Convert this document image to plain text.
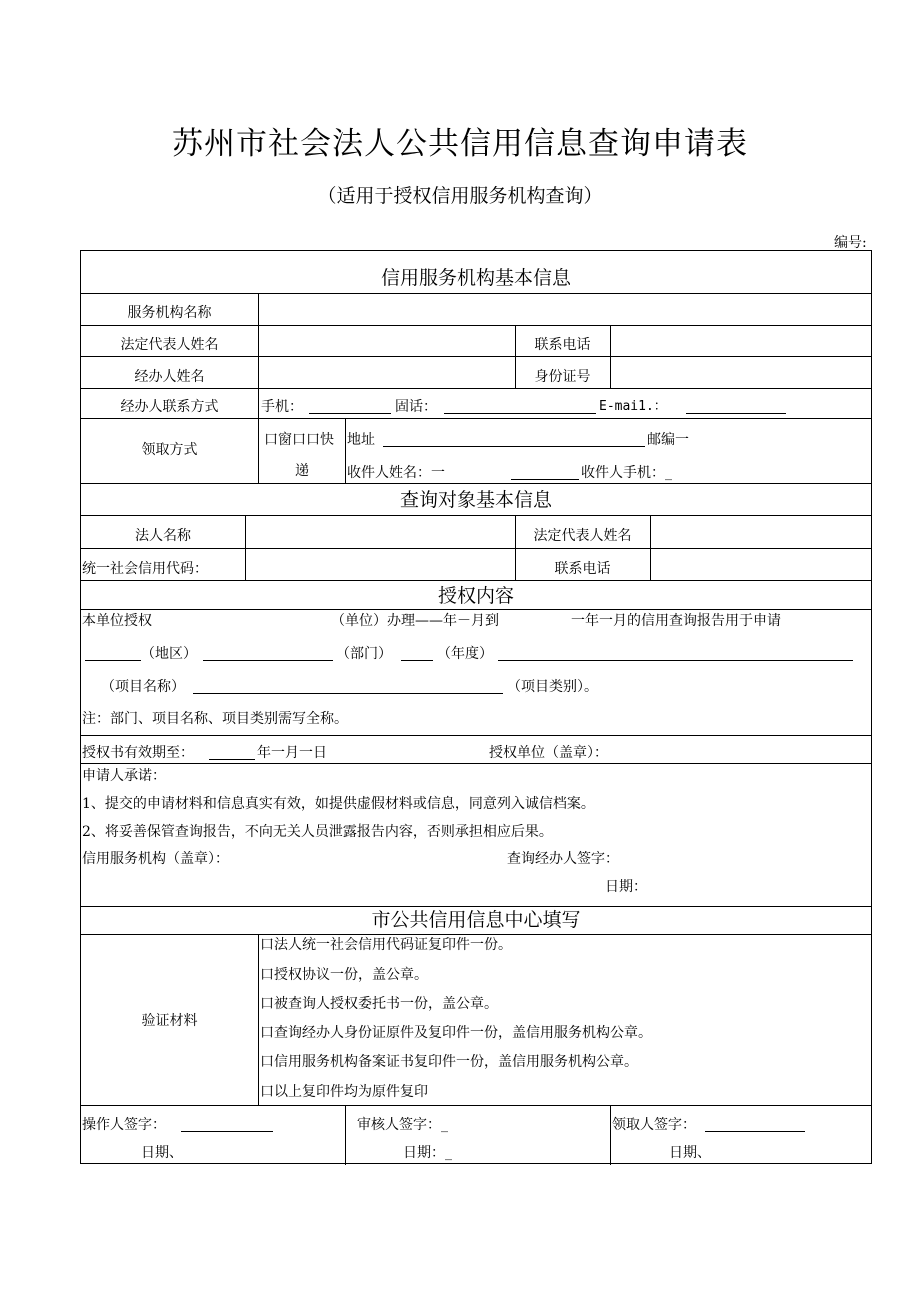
苏州市社会法人公共信用信息查询申请表
（适用于授权信用服务机构查询）
编号:
信用服务机构基本信息
服务机构名称
法定代表人姓名	联系电话
经办人姓名	身份证号
经办人联系方式	手机：	固话：	E-mai1.：
领取方式
口窗口口快
递
地址	邮编一
收件人姓名：一	收件人手机：_
查询对象基本信息
法人名称	法定代表人姓名
统一社会信用代码：	联系电话
授权内容
本单位授权	（单位）办理——年－月到	一年一月的信用查询报告用于申请
（地区）	（部门）	（年度）
（项目名称）	（项目类别）。
注：部门、项目名称、项目类别需写全称。
授权书有效期至：	年一月一日	授权单位（盖章）：
申请人承诺：
1、提交的申请材料和信息真实有效，如提供虚假材料或信息，同意列入诚信档案。
2、将妥善保管查询报告，不向无关人员泄露报告内容，否则承担相应后果。
信用服务机构（盖章）：	查询经办人签字：
日期：
市公共信用信息中心填写
验证材料
口法人统一社会信用代码证复印件一份。
口授权协议一份，盖公章。
口被查询人授权委托书一份，盖公章。
口查询经办人身份证原件及复印件一份，盖信用服务机构公章。
口信用服务机构备案证书复印件一份，盖信用服务机构公章。
口以上复印件均为原件复印
操作人签字：
日期、
审核人签字：_
日期：_
领取人签字：
日期、
